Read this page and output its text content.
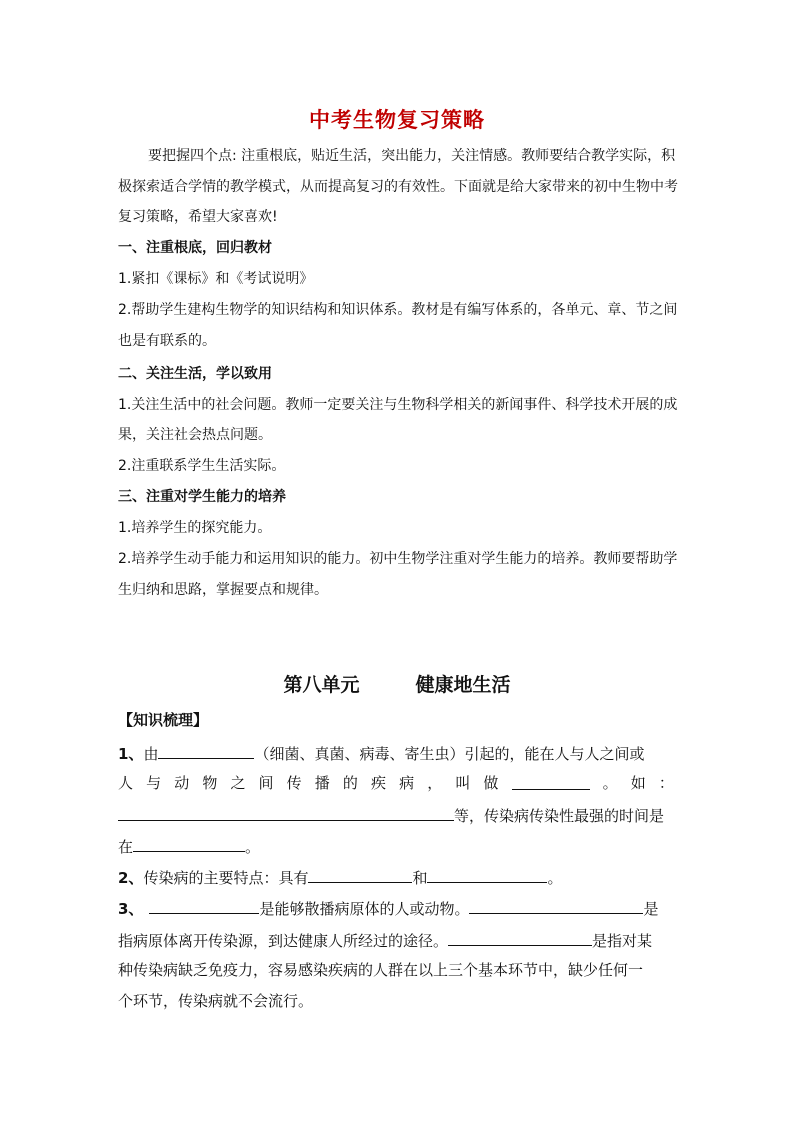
中考生物复习策略
要把握四个点: 注重根底，贴近生活，突出能力，关注情感。教师要结合教学实际，积
极探索适合学情的教学模式，从而提高复习的有效性。下面就是给大家带来的初中生物中考
复习策略，希望大家喜欢!
一、注重根底，回归教材
1.紧扣《课标》和《考试说明》
2.帮助学生建构生物学的知识结构和知识体系。教材是有编写体系的，各单元、章、节之间
也是有联系的。
二、关注生活，学以致用
1.关注生活中的社会问题。教师一定要关注与生物科学相关的新闻事件、科学技术开展的成
果，关注社会热点问题。
2.注重联系学生生活实际。
三、注重对学生能力的培养
1.培养学生的探究能力。
2.培养学生动手能力和运用知识的能力。初中生物学注重对学生能力的培养。教师要帮助学
生归纳和思路，掌握要点和规律。
第八单元	健康地生活
【知识梳理】
1、由	（细菌、真菌、病毒、寄生虫）引起的，能在人与人之间或
人 与 动 物 之 间 传 播 的 疾 病 ， 叫 做	。 如 ：
等，传染病传染性最强的时间是
在	。
2、传染病的主要特点：具有	和	。
3、	是能够散播病原体的人或动物。	是
指病原体离开传染源，到达健康人所经过的途径。	是指对某
种传染病缺乏免疫力，容易感染疾病的人群在以上三个基本环节中，缺少任何一
个环节，传染病就不会流行。
